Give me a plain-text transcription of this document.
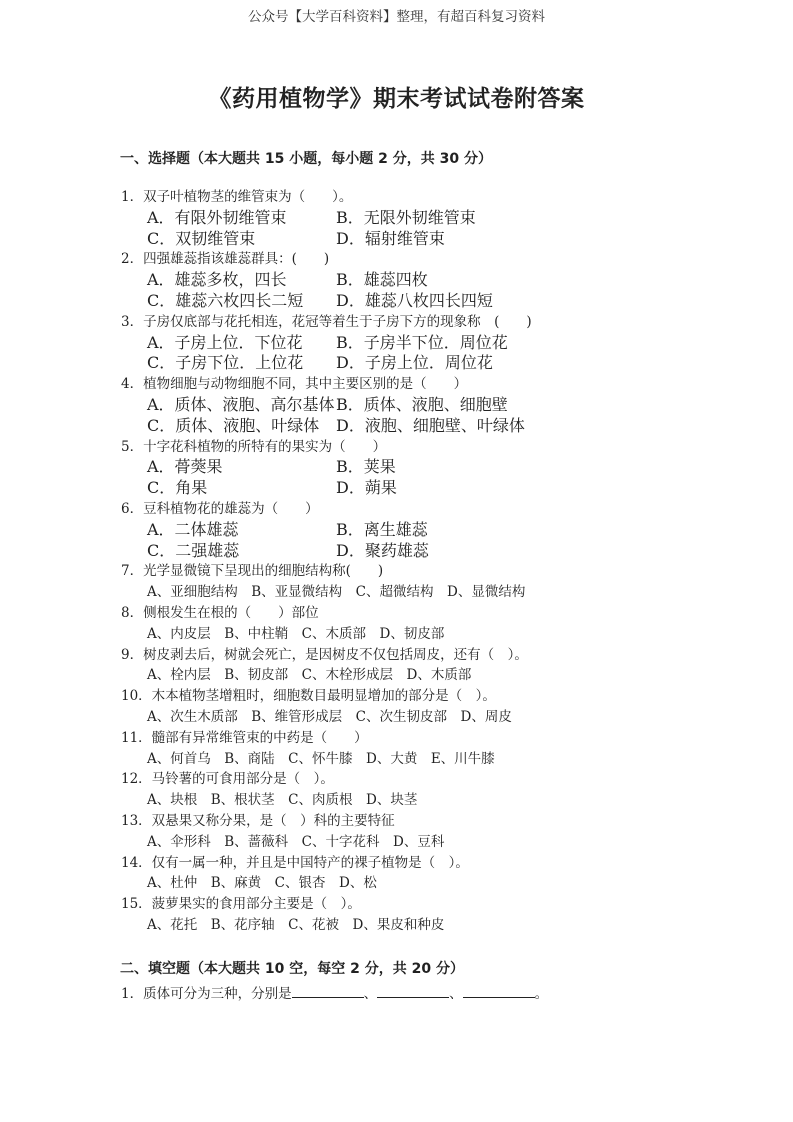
公众号【大学百科资料】整理，有超百科复习资料
《药用植物学》期末考试试卷附答案
一、选择题（本大题共 15 小题，每小题 2 分，共 30 分）
1．双子叶植物茎的维管束为（　　）。
A．有限外韧维管束	B．无限外韧维管束
C．双韧维管束	D．辐射维管束
2．四强雄蕊指该雄蕊群具：(　　)
A．雄蕊多枚，四长	B．雄蕊四枚
C．雄蕊六枚四长二短 D．雄蕊八枚四长四短
3．子房仅底部与花托相连，花冠等着生于子房下方的现象称　(　　)
A．子房上位．下位花 B．子房半下位．周位花
C．子房下位．上位花 D．子房上位．周位花
4．植物细胞与动物细胞不同，其中主要区别的是（　　）
A．质体、液胞、高尔基体 B．质体、液胞、细胞壁
C．质体、液胞、叶绿体 D．液胞、细胞壁、叶绿体
5．十字花科植物的所特有的果实为（　　）
A．蓇葖果	B．荚果
C．角果	D．蒴果
6．豆科植物花的雄蕊为（　　）
A．二体雄蕊	B．离生雄蕊
C．二强雄蕊	D．聚药雄蕊
7．光学显微镜下呈现出的细胞结构称(　　)
A、亚细胞结构　B、亚显微结构　C、超微结构　D、显微结构
8．侧根发生在根的（　　）部位
A、内皮层　B、中柱鞘　C、木质部　D、韧皮部
9．树皮剥去后，树就会死亡，是因树皮不仅包括周皮，还有（　）。
A、栓内层　B、韧皮部　C、木栓形成层　D、木质部
10．木本植物茎增粗时，细胞数目最明显增加的部分是（　）。
A、次生木质部　B、维管形成层　C、次生韧皮部　D、周皮
11．髓部有异常维管束的中药是（　　）
A、何首乌　B、商陆　C、怀牛膝　D、大黄　E、川牛膝
12．马铃薯的可食用部分是（　）。
A、块根　B、根状茎　C、肉质根　D、块茎
13．双悬果又称分果，是（　）科的主要特征
A、伞形科　B、蔷薇科　C、十字花科　D、豆科
14．仅有一属一种，并且是中国特产的裸子植物是（　）。
A、杜仲　B、麻黄　C、银杏　D、松
15．菠萝果实的食用部分主要是（　）。
A、花托　B、花序轴　C、花被　D、果皮和种皮
二、填空题（本大题共 10 空，每空 2 分，共 20 分）
1．质体可分为三种，分别是	、	、	。
